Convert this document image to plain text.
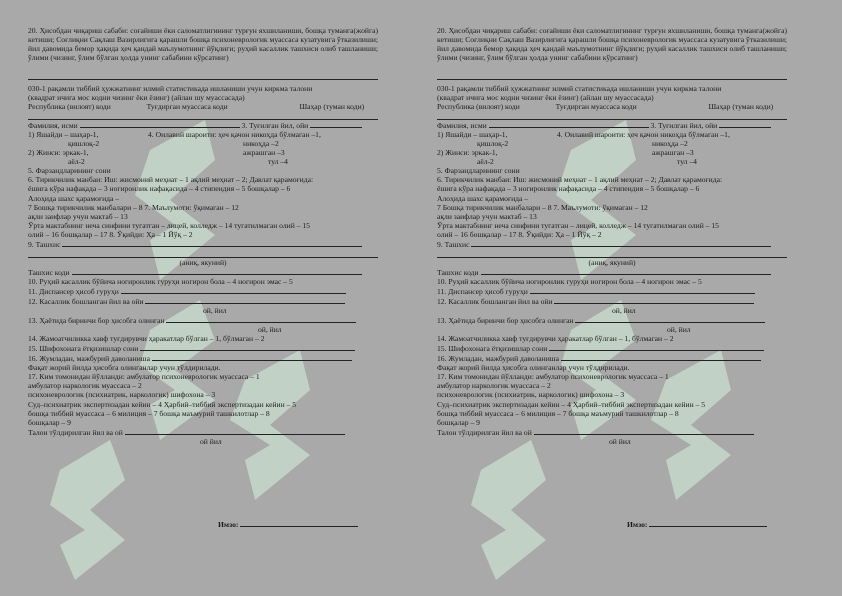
20. Ҳисобдан чиқариш сабаби: соғайиши ёки саломатлигининг турғун яхшиланиши, бошқа туманга(жойга) кетиши; Соғлиқни Сақлаш Вазирлигига қарашли бошқа психоневрологик муассаса кузатувига ўтказилиши; йил давомида бемор ҳақида ҳеч қандай маълумотнинг йўқлиги; руҳий касаллик ташхиси олиб ташланиши; ўлими (чизинг, ўлим бўлган ҳолда унинг сабабини кўрсатинг)
030-1 рақамли тиббий ҳужжатнинг илмий статистикада ишланиши учун киркма талони
(квадрат ичига мос кодни чизинг ёки ёзинг) (айлан шу муассасада)
Республика (вилоят) коди	Туғдирган муассаса коди	Шаҳар (туман коди)
Фамилия, исми	3. Туғилган йил, ойи
1) Яшайди – шаҳар-1,	4. Оилавий шароити: ҳеч қачон никоҳда бўлмаган –1,
қишлоқ-2	никоҳда –2
2) Жинси: эркак-1,	ажрашган –3
аёл-2	тул –4
5. Фарзандларининг сони
6. Тирикчилик манбаи: Иш: жисмоний меҳнат – 1 ақлий меҳнат – 2; Давлат қарамоғида:
ёшига кўра нафақада – 3 ногиронлик нафақасида – 4 стипендия – 5 бошқалар – 6
Алоҳида шахс қарамоғида –
7 Бошқа тирикчилик манбалари – 8 7. Маълумоти: ўқимаган – 12
ақли заифлар учун мактаб – 13
Ўрта мактабнинг неча синфини тугатган – лицей, колледж – 14 тугатилмаган олий – 15
олий – 16 бошқалар – 17 8. Ўқийди: Ҳа – 1 Йўқ – 2
9. Ташхис
(аниқ, якуний)
Ташхис коди
10. Руҳий касаллик бўйича ногиронлик гуруҳи ногирон бола – 4 ногирон эмас – 5
11. Диспансер ҳисоб гуруҳи
12. Касаллик бошланган йил ва ойи
ой, йил
13. Ҳаётида биринчи бор ҳисобга олинган
ой, йил
14. Жамоатчиликка хавф туғдирувчи ҳаракатлар бўлган – 1, бўлмаган – 2
15. Шифохонага ётқизишлар сони
16. Жумладан, мажбурий даволаниша
Фақат жорий йилда ҳисобга олинганлар учун тўлдирилади.
17. Ким томонидан йўлланди: амбулатор психоневрологик муассаса – 1
амбулатор наркологик муассаса – 2
психоневрологик (психиатрик, наркологик) шифохона – 3
Суд–психиатрик экспертизадан кейин – 4 Ҳарбий–тиббий экспертизадан кейин – 5
бошқа тиббий муассаса – 6 милиция – 7 бошқа маъмурий ташкилотлар – 8
бошқалар – 9
Талон тўлдирилган йил ва ой
ой йил
Имзо:
20. Ҳисобдан чиқариш сабаби: соғайиши ёки саломатлигининг турғун яхшиланиши, бошқа туманга(жойга) кетиши; Соғлиқни Сақлаш Вазирлигига қарашли бошқа психоневрологик муассаса кузатувига ўтказилиши; йил давомида бемор ҳақида ҳеч қандай маълумотнинг йўқлиги; руҳий касаллик ташхиси олиб ташланиши; ўлими (чизинг, ўлим бўлган ҳолда унинг сабабини кўрсатинг)
030-1 рақамли тиббий ҳужжатнинг илмий статистикада ишланиши учун киркма талони
(квадрат ичига мос кодни чизинг ёки ёзинг) (айлан шу муассасада)
Республика (вилоят) коди	Туғдирган муассаса коди	Шаҳар (туман коди)
Фамилия, исми	3. Туғилган йил, ойи
1) Яшайди – шаҳар-1,	4. Оилавий шароити: ҳеч қачон никоҳда бўлмаган –1,
қишлоқ-2	никоҳда –2
2) Жинси: эркак-1,	ажрашган –3
аёл-2	тул –4
5. Фарзандларининг сони
6. Тирикчилик манбаи: Иш: жисмоний меҳнат – 1 ақлий меҳнат – 2; Давлат қарамоғида:
ёшига кўра нафақада – 3 ногиронлик нафақасида – 4 стипендия – 5 бошқалар – 6
Алоҳида шахс қарамоғида –
7 Бошқа тирикчилик манбалари – 8 7. Маълумоти: ўқимаган – 12
ақли заифлар учун мактаб – 13
Ўрта мактабнинг неча синфини тугатган – лицей, колледж – 14 тугатилмаган олий – 15
олий – 16 бошқалар – 17 8. Ўқийди: Ҳа – 1 Йўқ – 2
9. Ташхис
(аниқ, якуний)
Ташхис коди
10. Руҳий касаллик бўйича ногиронлик гуруҳи ногирон бола – 4 ногирон эмас – 5
11. Диспансер ҳисоб гуруҳи
12. Касаллик бошланган йил ва ойи
ой, йил
13. Ҳаётида биринчи бор ҳисобга олинган
ой, йил
14. Жамоатчиликка хавф туғдирувчи ҳаракатлар бўлган – 1, бўлмаган – 2
15. Шифохонага ётқизишлар сони
16. Жумладан, мажбурий даволаниша
Фақат жорий йилда ҳисобга олинганлар учун тўлдирилади.
17. Ким томонидан йўлланди: амбулатор психоневрологик муассаса – 1
амбулатор наркологик муассаса – 2
психоневрологик (психиатрик, наркологик) шифохона – 3
Суд–психиатрик экспертизадан кейин – 4 Ҳарбий–тиббий экспертизадан кейин – 5
бошқа тиббий муассаса – 6 милиция – 7 бошқа маъмурий ташкилотлар – 8
бошқалар – 9
Талон тўлдирилган йил ва ой
ой йил
Имзо:
